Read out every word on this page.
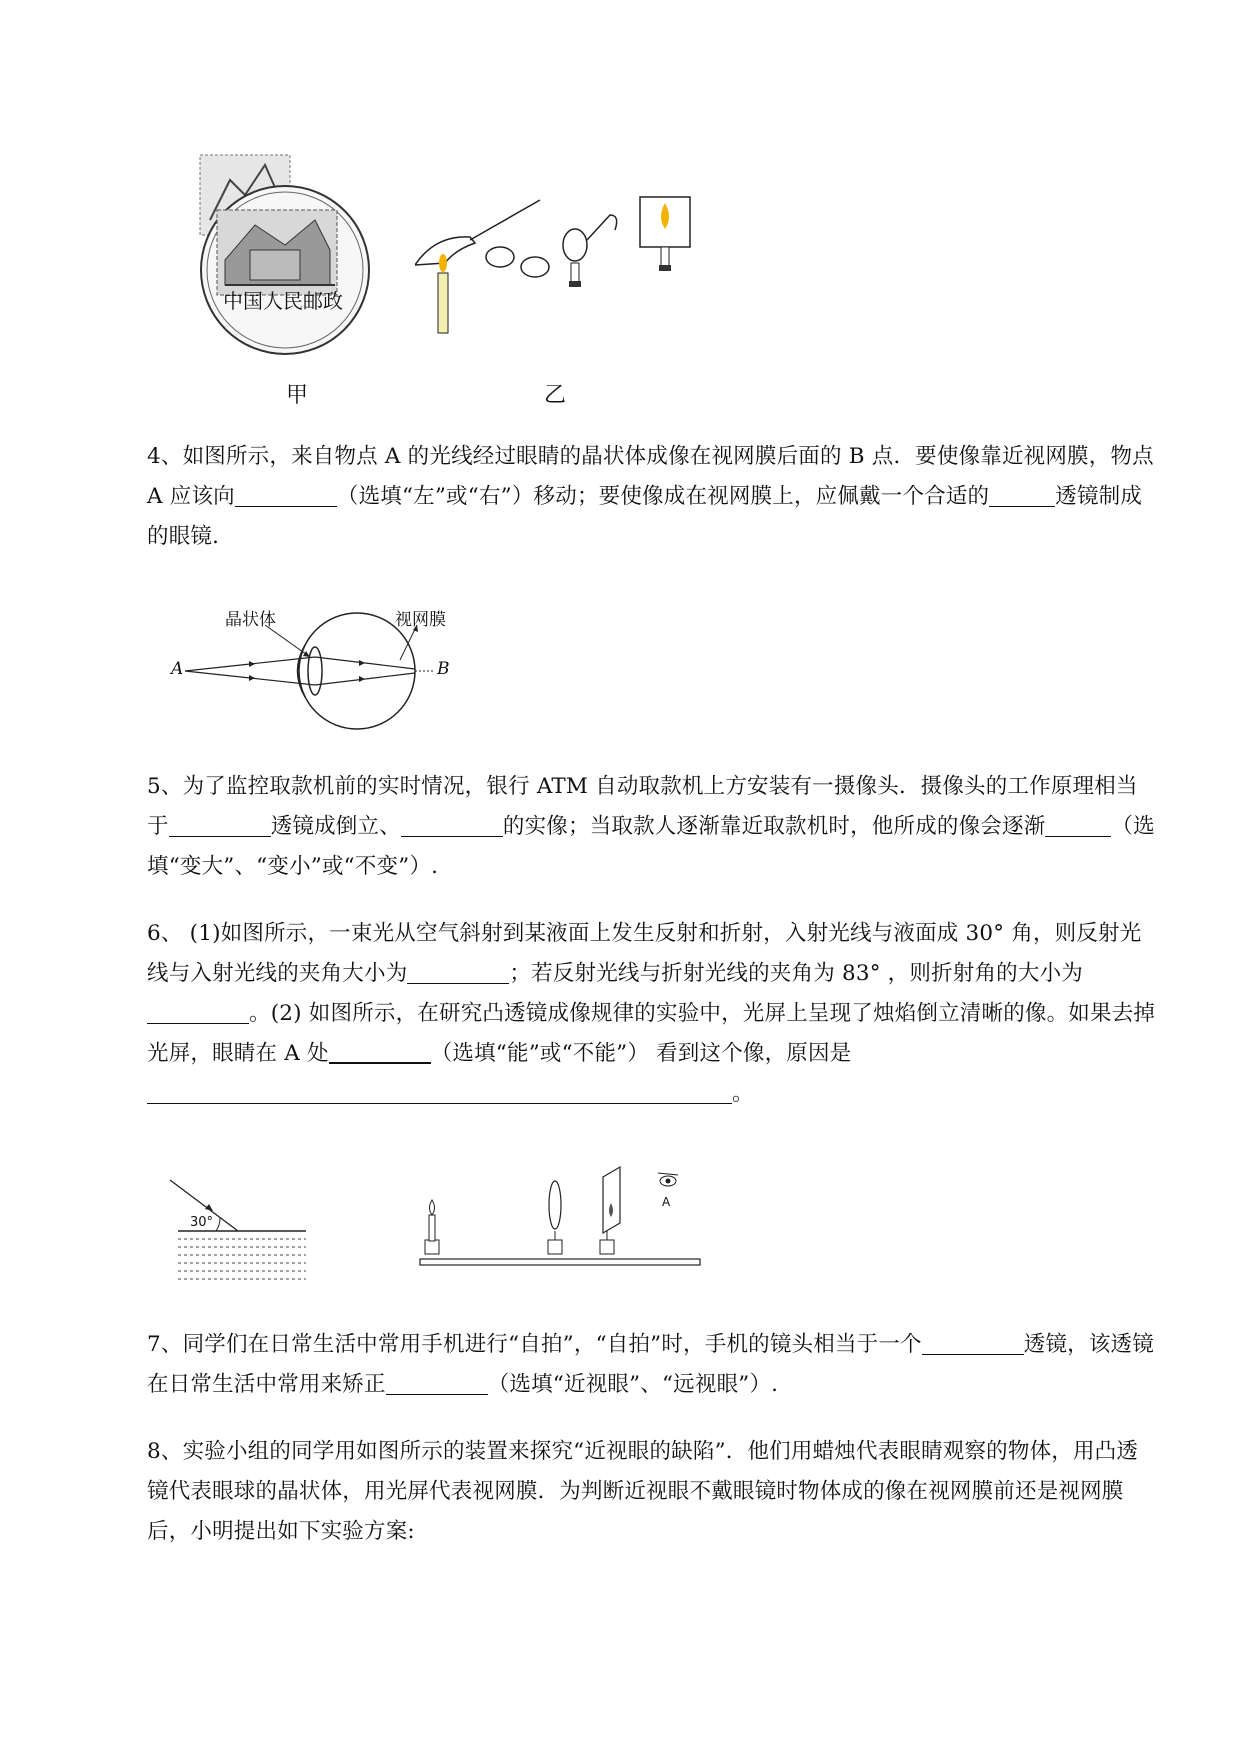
中国人民邮政
甲	乙
4、如图所示，来自物点 A 的光线经过眼睛的晶状体成像在视网膜后面的 B 点．要使像靠近视网膜，物点A 应该向	（选填“左”或“右”）移动；要使像成在视网膜上，应佩戴一个合适的	透镜制成的眼镜．
晶状体	视网膜
A	B
5、为了监控取款机前的实时情况，银行 ATM 自动取款机上方安装有一摄像头．摄像头的工作原理相当于	透镜成倒立、	的实像；当取款人逐渐靠近取款机时，他所成的像会逐渐	（选填“变大”、“变小”或“不变”）.
6、 (1)如图所示，一束光从空气斜射到某液面上发生反射和折射，入射光线与液面成 30° 角，则反射光线与入射光线的夹角大小为	；若反射光线与折射光线的夹角为 83° ，则折射角的大小为。(2) 如图所示，在研究凸透镜成像规律的实验中，光屏上呈现了烛焰倒立清晰的像。如果去掉光屏，眼睛在 A 处	（选填“能”或“不能”） 看到这个像，原因是。
30°
A
7、同学们在日常生活中常用手机进行“自拍”，“自拍”时，手机的镜头相当于一个	透镜，该透镜在日常生活中常用来矫正	（选填“近视眼”、“远视眼”）.
8、实验小组的同学用如图所示的装置来探究“近视眼的缺陷”．他们用蜡烛代表眼睛观察的物体，用凸透镜代表眼球的晶状体，用光屏代表视网膜．为判断近视眼不戴眼镜时物体成的像在视网膜前还是视网膜后，小明提出如下实验方案:
